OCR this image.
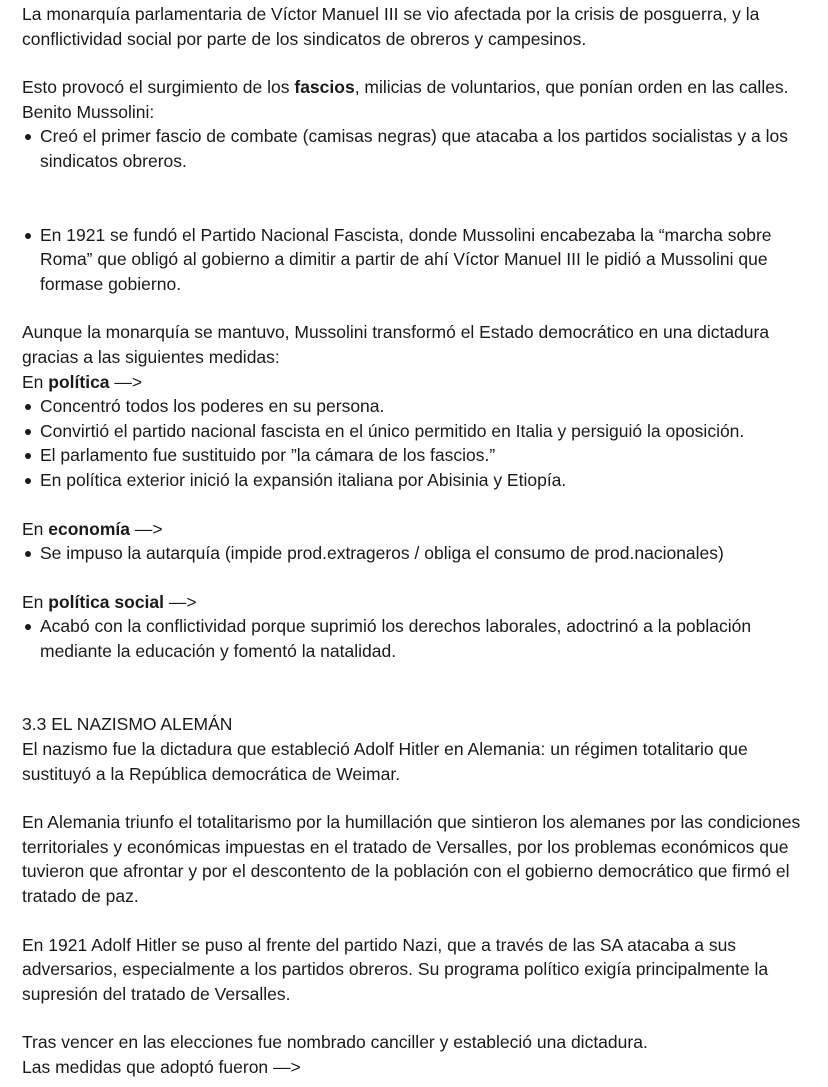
La monarquía parlamentaria de Víctor Manuel III se vio afectada por la crisis de posguerra, y la conflictividad social por parte de los sindicatos de obreros y campesinos.

Esto provocó el surgimiento de los fascios, milicias de voluntarios, que ponían orden en las calles. Benito Mussolini:

Creó el primer fascio de combate (camisas negras) que atacaba a los partidos socialistas y a los sindicatos obreros.
En 1921 se fundó el Partido Nacional Fascista, donde Mussolini encabezaba la “marcha sobre Roma” que obligó al gobierno a dimitir a partir de ahí Víctor Manuel III le pidió a Mussolini que formase gobierno.

Aunque la monarquía se mantuvo, Mussolini transformó el Estado democrático en una dictadura gracias a las siguientes medidas:

En política —>

Concentró todos los poderes en su persona.
Convirtió el partido nacional fascista en el único permitido en Italia y persiguió la oposición.
El parlamento fue sustituido por ”la cámara de los fascios.”
En política exterior inició la expansión italiana por Abisinia y Etiopía.

En economía —>

Se impuso la autarquía (impide prod.extrageros / obliga el consumo de prod.nacionales)

En política social —>

Acabó con la conflictividad porque suprimió los derechos laborales, adoctrinó a la población mediante la educación y fomentó la natalidad.

3.3 EL NAZISMO ALEMÁN

El nazismo fue la dictadura que estableció Adolf Hitler en Alemania: un régimen totalitario que sustituyó a la República democrática de Weimar.

En Alemania triunfo el totalitarismo por la humillación que sintieron los alemanes por las condiciones territoriales y económicas impuestas en el tratado de Versalles, por los problemas económicos que tuvieron que afrontar y por el descontento de la población con el gobierno democrático que firmó el tratado de paz.

En 1921 Adolf Hitler se puso al frente del partido Nazi, que a través de las SA atacaba a sus adversarios, especialmente a los partidos obreros. Su programa político exigía principalmente la supresión del tratado de Versalles.

Tras vencer en las elecciones fue nombrado canciller y estableció una dictadura.

Las medidas que adoptó fueron —>
